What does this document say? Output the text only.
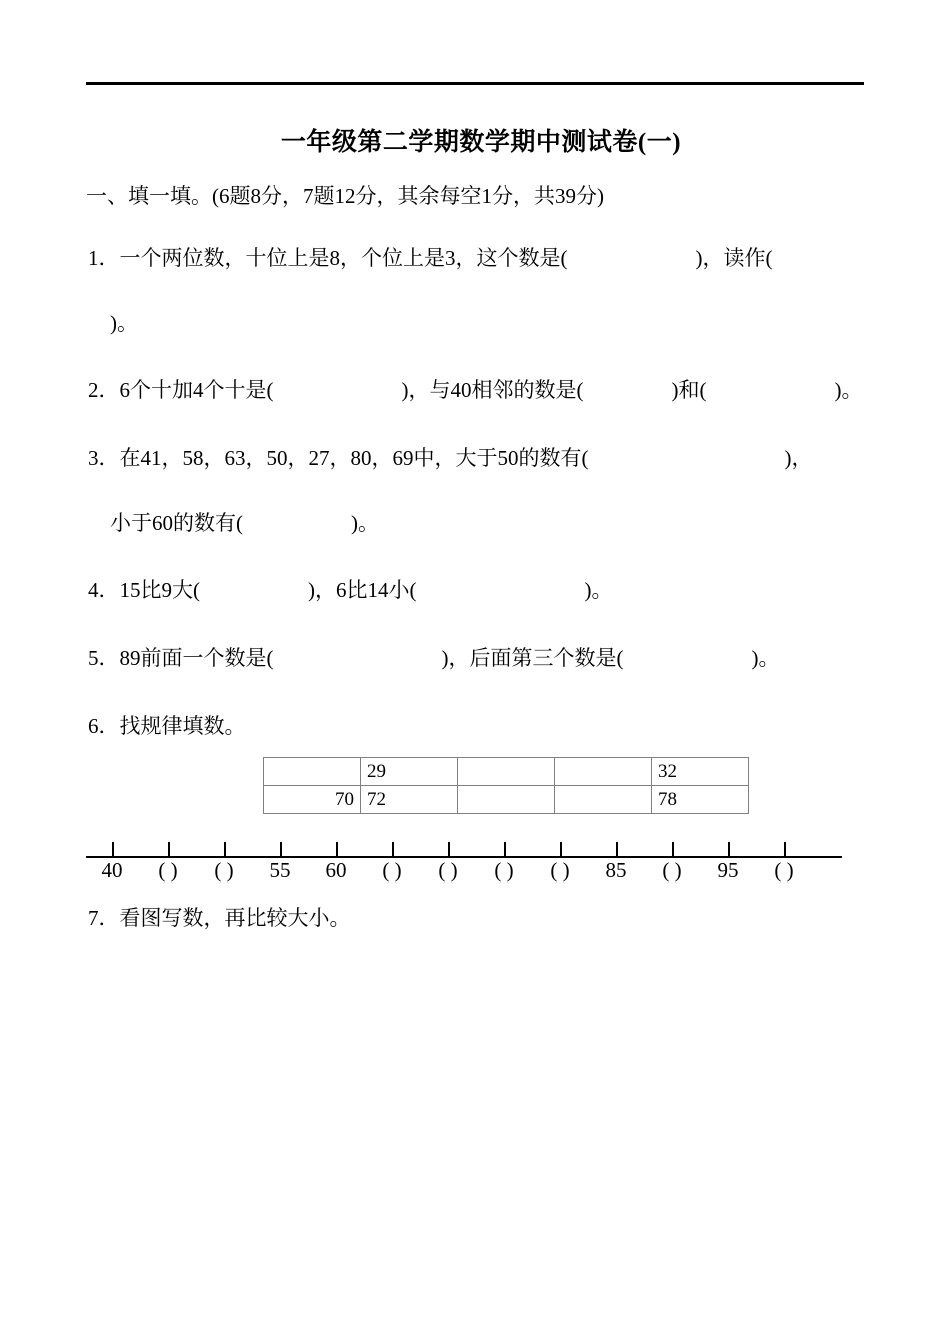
一年级第二学期数学期中测试卷(一)
一、填一填。(6题8分，7题12分，其余每空1分，共39分)
1．一个两位数，十位上是8，个位上是3，这个数是(	)，读作(
)。
2．6个十加4个十是(	)，与40相邻的数是(	)和(	)。
3．在41，58，63，50，27，80，69中，大于50的数有(	)，
小于60的数有(	)。
4．15比9大(	)，6比14小(	)。
5．89前面一个数是(	)，后面第三个数是(	)。
6．找规律填数。
	29			32
70	72			78
40 ( ) ( ) 55 60 ( ) ( ) ( ) ( ) 85 ( ) 95 ( )
7．看图写数，再比较大小。
